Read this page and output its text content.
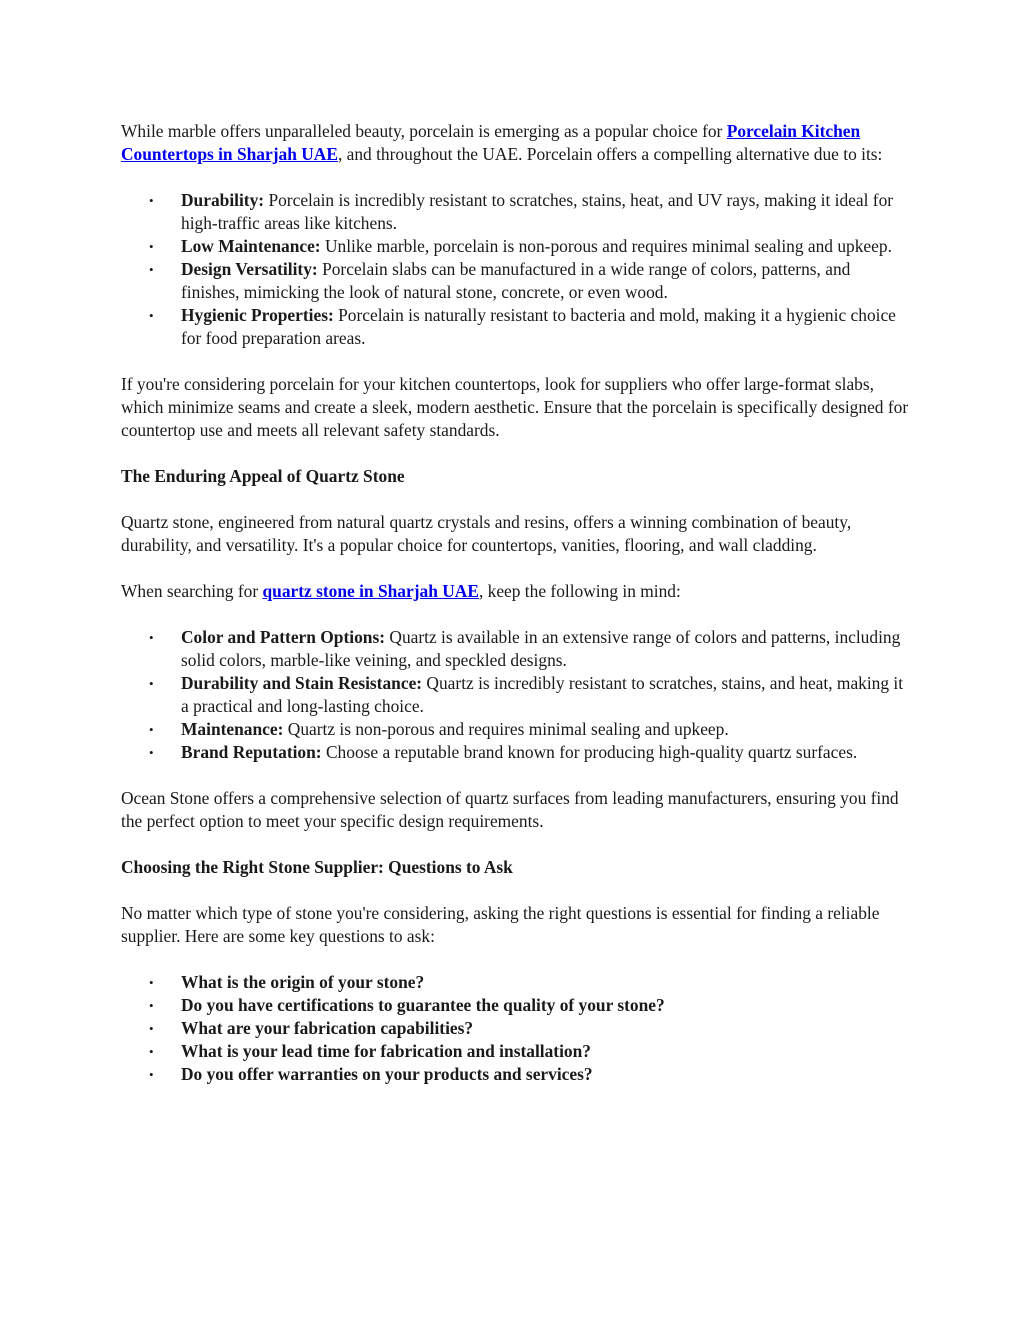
While marble offers unparalleled beauty, porcelain is emerging as a popular choice for Porcelain Kitchen Countertops in Sharjah UAE, and throughout the UAE. Porcelain offers a compelling alternative due to its:

• Durability: Porcelain is incredibly resistant to scratches, stains, heat, and UV rays, making it ideal for high-traffic areas like kitchens.
• Low Maintenance: Unlike marble, porcelain is non-porous and requires minimal sealing and upkeep.
• Design Versatility: Porcelain slabs can be manufactured in a wide range of colors, patterns, and finishes, mimicking the look of natural stone, concrete, or even wood.
• Hygienic Properties: Porcelain is naturally resistant to bacteria and mold, making it a hygienic choice for food preparation areas.

If you're considering porcelain for your kitchen countertops, look for suppliers who offer large-format slabs, which minimize seams and create a sleek, modern aesthetic. Ensure that the porcelain is specifically designed for countertop use and meets all relevant safety standards.

The Enduring Appeal of Quartz Stone

Quartz stone, engineered from natural quartz crystals and resins, offers a winning combination of beauty, durability, and versatility. It's a popular choice for countertops, vanities, flooring, and wall cladding.

When searching for quartz stone in Sharjah UAE, keep the following in mind:

• Color and Pattern Options: Quartz is available in an extensive range of colors and patterns, including solid colors, marble-like veining, and speckled designs.
• Durability and Stain Resistance: Quartz is incredibly resistant to scratches, stains, and heat, making it a practical and long-lasting choice.
• Maintenance: Quartz is non-porous and requires minimal sealing and upkeep.
• Brand Reputation: Choose a reputable brand known for producing high-quality quartz surfaces.

Ocean Stone offers a comprehensive selection of quartz surfaces from leading manufacturers, ensuring you find the perfect option to meet your specific design requirements.

Choosing the Right Stone Supplier: Questions to Ask

No matter which type of stone you're considering, asking the right questions is essential for finding a reliable supplier. Here are some key questions to ask:

• What is the origin of your stone?
• Do you have certifications to guarantee the quality of your stone?
• What are your fabrication capabilities?
• What is your lead time for fabrication and installation?
• Do you offer warranties on your products and services?
